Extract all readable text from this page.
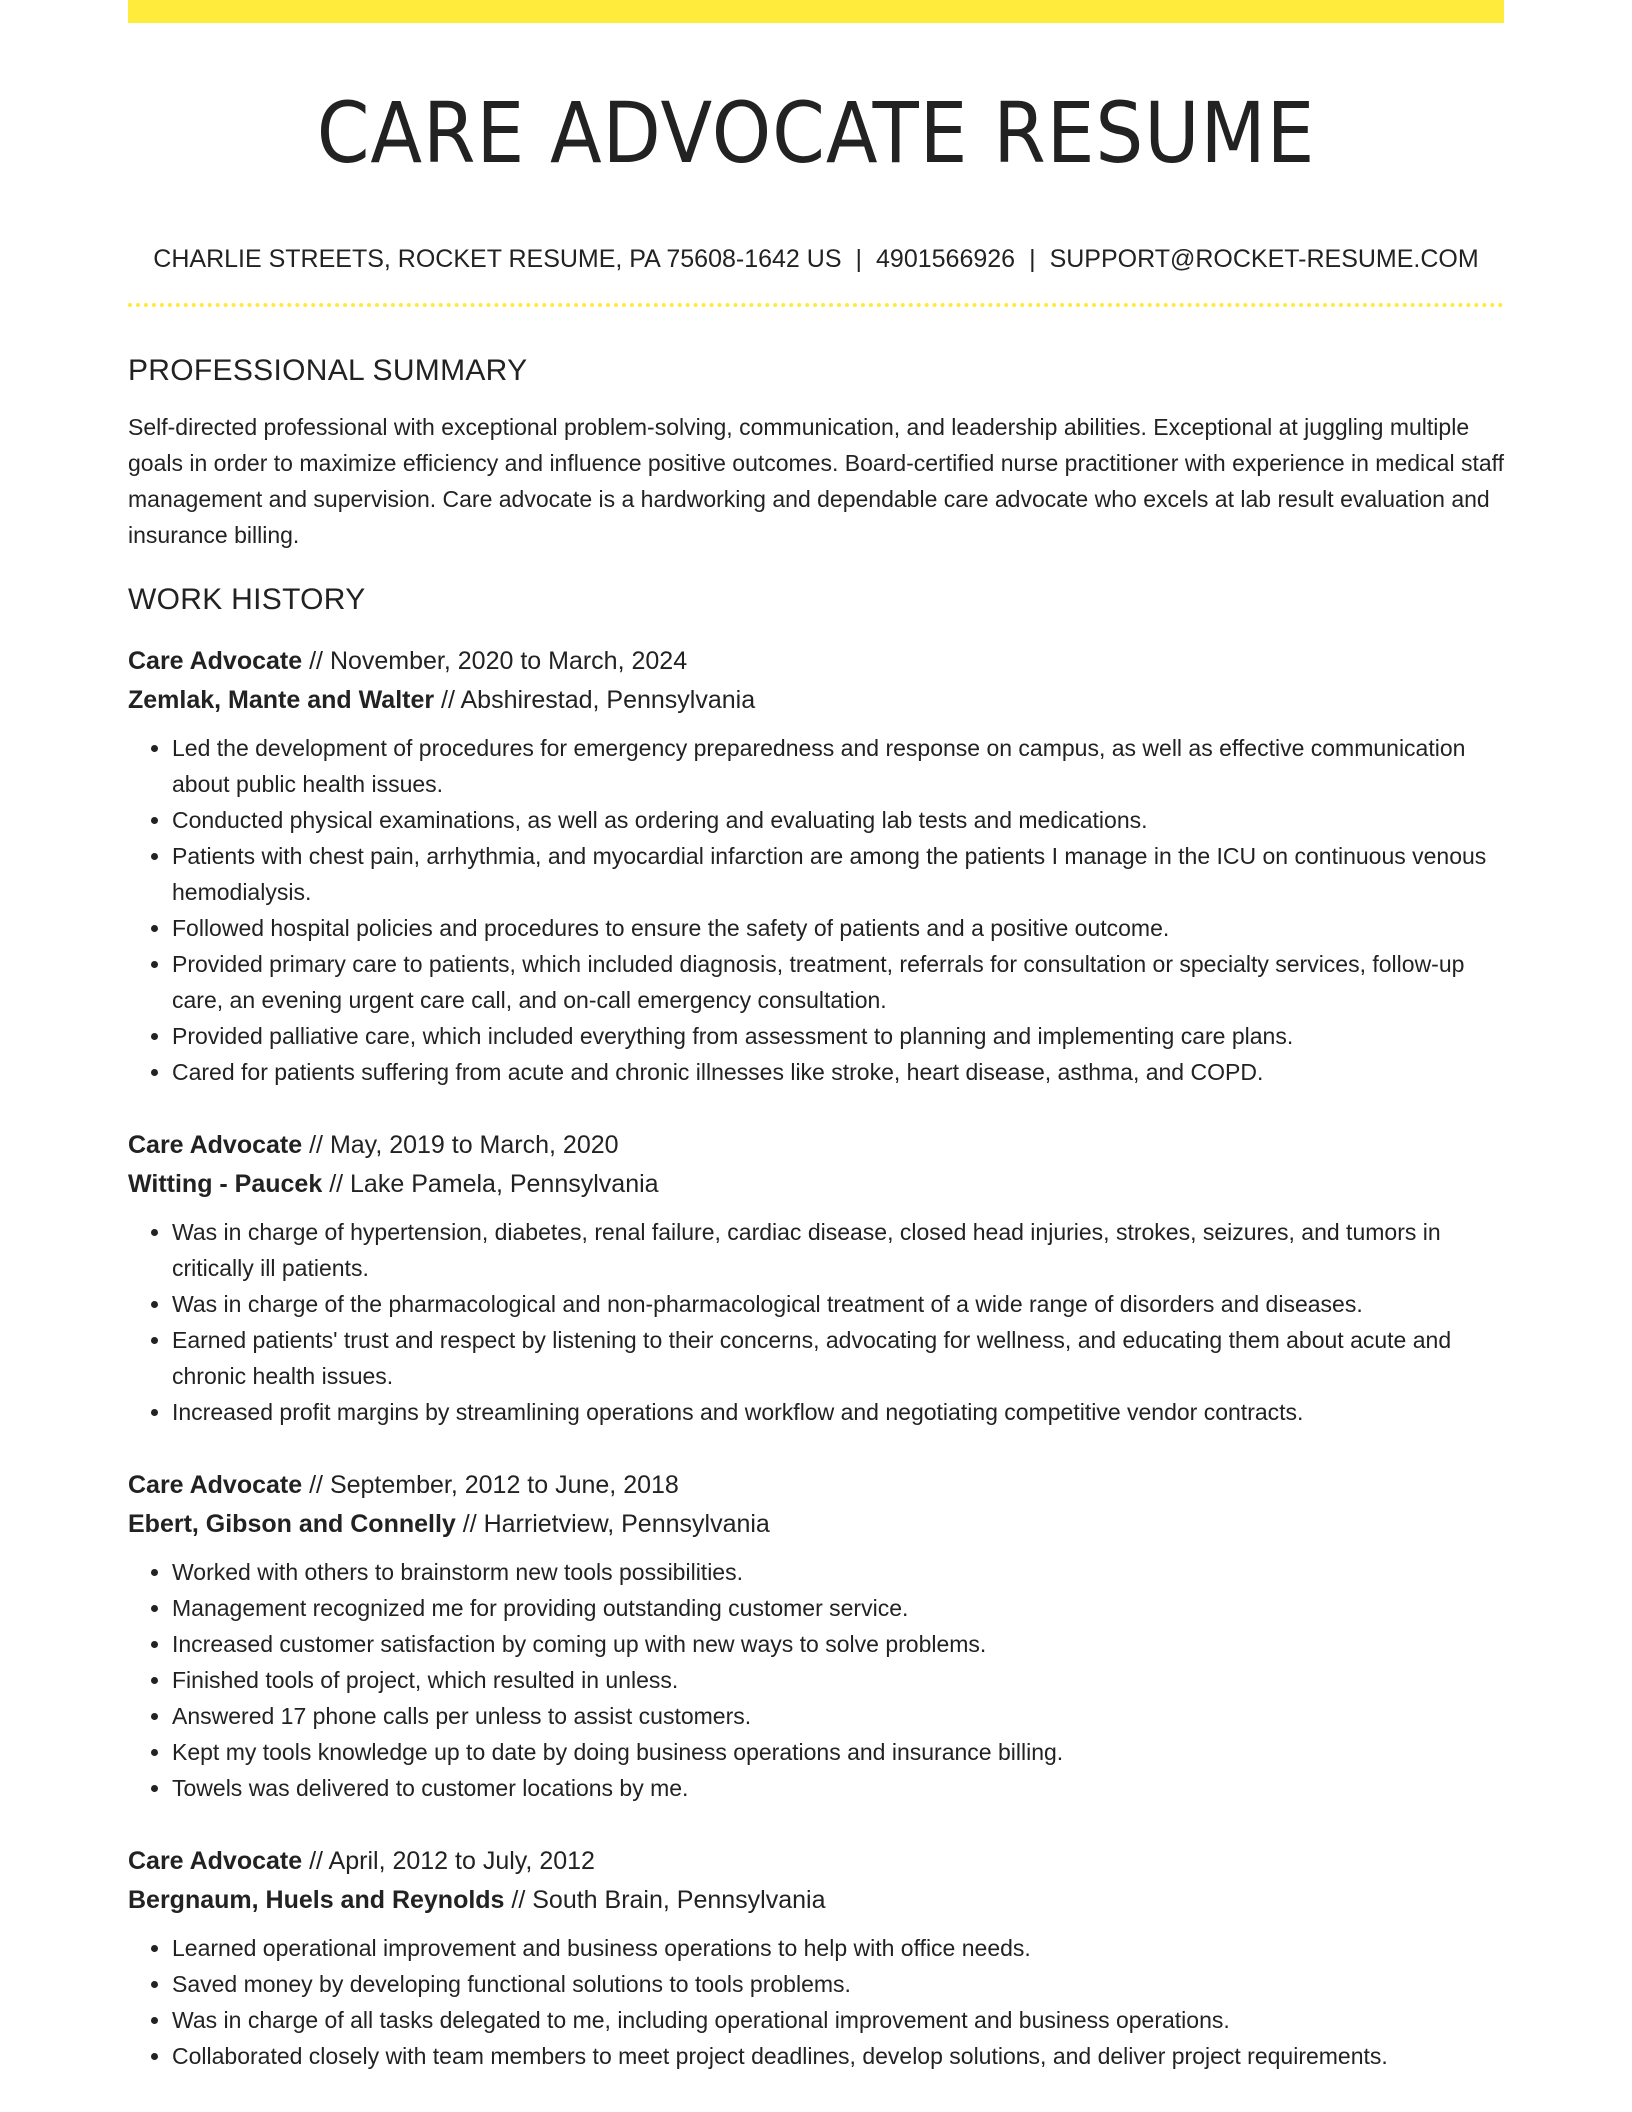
CARE ADVOCATE RESUME
CHARLIE STREETS, ROCKET RESUME, PA 75608-1642 US | 4901566926 | SUPPORT@ROCKET-RESUME.COM
PROFESSIONAL SUMMARY
Self-directed professional with exceptional problem-solving, communication, and leadership abilities. Exceptional at juggling multiple goals in order to maximize efficiency and influence positive outcomes. Board-certified nurse practitioner with experience in medical staff management and supervision. Care advocate is a hardworking and dependable care advocate who excels at lab result evaluation and insurance billing.
WORK HISTORY
Care Advocate // November, 2020 to March, 2024
Zemlak, Mante and Walter // Abshirestad, Pennsylvania
• Led the development of procedures for emergency preparedness and response on campus, as well as effective communication about public health issues.
• Conducted physical examinations, as well as ordering and evaluating lab tests and medications.
• Patients with chest pain, arrhythmia, and myocardial infarction are among the patients I manage in the ICU on continuous venous hemodialysis.
• Followed hospital policies and procedures to ensure the safety of patients and a positive outcome.
• Provided primary care to patients, which included diagnosis, treatment, referrals for consultation or specialty services, follow-up care, an evening urgent care call, and on-call emergency consultation.
• Provided palliative care, which included everything from assessment to planning and implementing care plans.
• Cared for patients suffering from acute and chronic illnesses like stroke, heart disease, asthma, and COPD.
Care Advocate // May, 2019 to March, 2020
Witting - Paucek // Lake Pamela, Pennsylvania
• Was in charge of hypertension, diabetes, renal failure, cardiac disease, closed head injuries, strokes, seizures, and tumors in critically ill patients.
• Was in charge of the pharmacological and non-pharmacological treatment of a wide range of disorders and diseases.
• Earned patients' trust and respect by listening to their concerns, advocating for wellness, and educating them about acute and chronic health issues.
• Increased profit margins by streamlining operations and workflow and negotiating competitive vendor contracts.
Care Advocate // September, 2012 to June, 2018
Ebert, Gibson and Connelly // Harrietview, Pennsylvania
• Worked with others to brainstorm new tools possibilities.
• Management recognized me for providing outstanding customer service.
• Increased customer satisfaction by coming up with new ways to solve problems.
• Finished tools of project, which resulted in unless.
• Answered 17 phone calls per unless to assist customers.
• Kept my tools knowledge up to date by doing business operations and insurance billing.
• Towels was delivered to customer locations by me.
Care Advocate // April, 2012 to July, 2012
Bergnaum, Huels and Reynolds // South Brain, Pennsylvania
• Learned operational improvement and business operations to help with office needs.
• Saved money by developing functional solutions to tools problems.
• Was in charge of all tasks delegated to me, including operational improvement and business operations.
• Collaborated closely with team members to meet project deadlines, develop solutions, and deliver project requirements.
